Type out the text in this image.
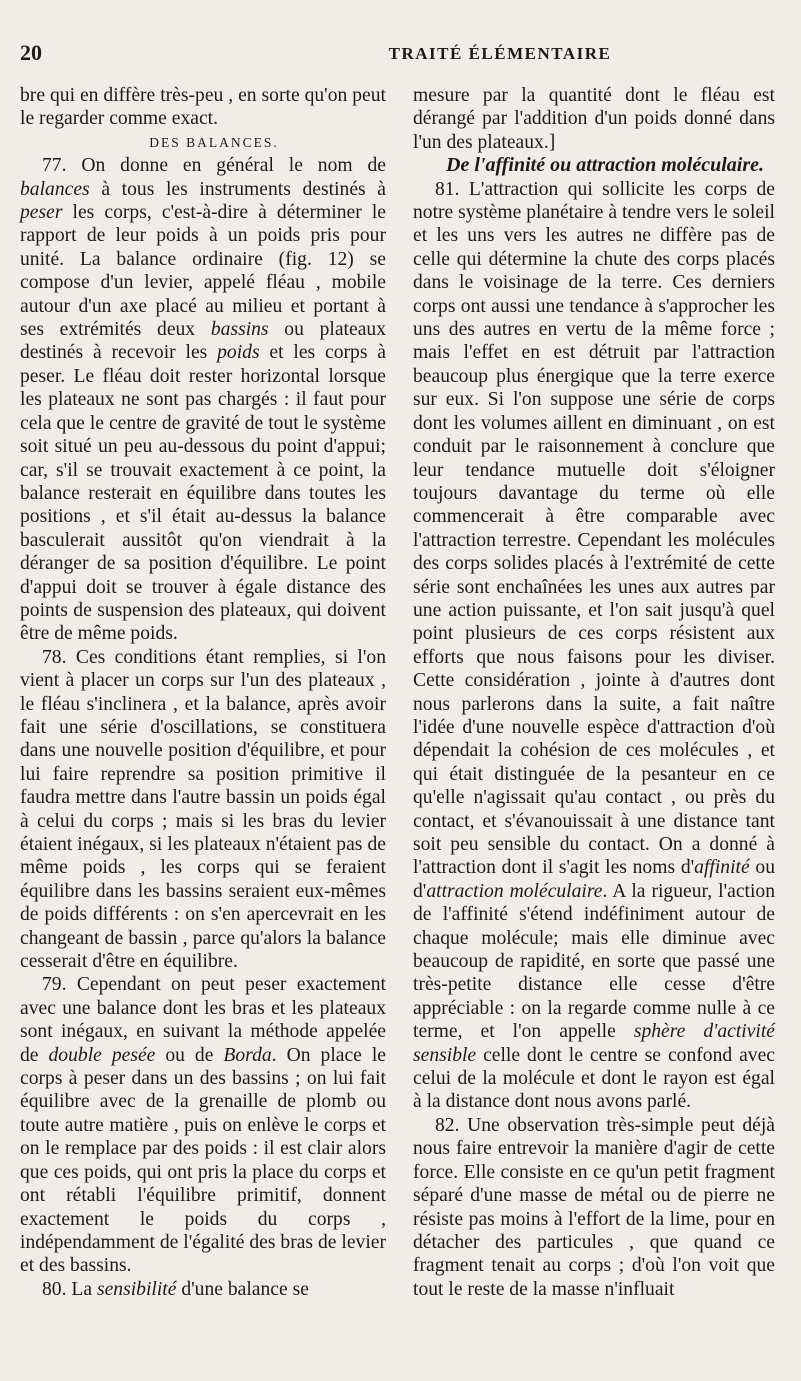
20	TRAITÉ ÉLÉMENTAIRE

bre qui en diffère très-peu , en sorte qu'on peut le regarder comme exact.

DES BALANCES.

77. On donne en général le nom de balances à tous les instruments destinés à peser les corps, c'est-à-dire à déterminer le rapport de leur poids à un poids pris pour unité. La balance ordinaire (fig. 12) se compose d'un levier, appelé fléau , mobile autour d'un axe placé au milieu et portant à ses extrémités deux bassins ou plateaux destinés à recevoir les poids et les corps à peser. Le fléau doit rester horizontal lorsque les plateaux ne sont pas chargés : il faut pour cela que le centre de gravité de tout le système soit situé un peu au-dessous du point d'appui; car, s'il se trouvait exactement à ce point, la balance resterait en équilibre dans toutes les positions , et s'il était au-dessus la balance basculerait aussitôt qu'on viendrait à la déranger de sa position d'équilibre. Le point d'appui doit se trouver à égale distance des points de suspension des plateaux, qui doivent être de même poids.

78. Ces conditions étant remplies, si l'on vient à placer un corps sur l'un des plateaux , le fléau s'inclinera , et la balance, après avoir fait une série d'oscillations, se constituera dans une nouvelle position d'équilibre, et pour lui faire reprendre sa position primitive il faudra mettre dans l'autre bassin un poids égal à celui du corps ; mais si les bras du levier étaient inégaux, si les plateaux n'étaient pas de même poids , les corps qui se feraient équilibre dans les bassins seraient eux-mêmes de poids différents : on s'en apercevrait en les changeant de bassin , parce qu'alors la balance cesserait d'être en équilibre.

79. Cependant on peut peser exactement avec une balance dont les bras et les plateaux sont inégaux, en suivant la méthode appelée de double pesée ou de Borda. On place le corps à peser dans un des bassins ; on lui fait équilibre avec de la grenaille de plomb ou toute autre matière , puis on enlève le corps et on le remplace par des poids : il est clair alors que ces poids, qui ont pris la place du corps et ont rétabli l'équilibre primitif, donnent exactement le poids du corps , indépendamment de l'égalité des bras de levier et des bassins.

80. La sensibilité d'une balance se

mesure par la quantité dont le fléau est dérangé par l'addition d'un poids donné dans l'un des plateaux.]

De l'affinité ou attraction moléculaire.

81. L'attraction qui sollicite les corps de notre système planétaire à tendre vers le soleil et les uns vers les autres ne diffère pas de celle qui détermine la chute des corps placés dans le voisinage de la terre. Ces derniers corps ont aussi une tendance à s'approcher les uns des autres en vertu de la même force ; mais l'effet en est détruit par l'attraction beaucoup plus énergique que la terre exerce sur eux. Si l'on suppose une série de corps dont les volumes aillent en diminuant , on est conduit par le raisonnement à conclure que leur tendance mutuelle doit s'éloigner toujours davantage du terme où elle commencerait à être comparable avec l'attraction terrestre. Cependant les molécules des corps solides placés à l'extrémité de cette série sont enchaînées les unes aux autres par une action puissante, et l'on sait jusqu'à quel point plusieurs de ces corps résistent aux efforts que nous faisons pour les diviser. Cette considération , jointe à d'autres dont nous parlerons dans la suite, a fait naître l'idée d'une nouvelle espèce d'attraction d'où dépendait la cohésion de ces molécules , et qui était distinguée de la pesanteur en ce qu'elle n'agissait qu'au contact , ou près du contact, et s'évanouissait à une distance tant soit peu sensible du contact. On a donné à l'attraction dont il s'agit les noms d'affinité ou d'attraction moléculaire. A la rigueur, l'action de l'affinité s'étend indéfiniment autour de chaque molécule; mais elle diminue avec beaucoup de rapidité, en sorte que passé une très-petite distance elle cesse d'être appréciable : on la regarde comme nulle à ce terme, et l'on appelle sphère d'activité sensible celle dont le centre se confond avec celui de la molécule et dont le rayon est égal à la distance dont nous avons parlé.

82. Une observation très-simple peut déjà nous faire entrevoir la manière d'agir de cette force. Elle consiste en ce qu'un petit fragment séparé d'une masse de métal ou de pierre ne résiste pas moins à l'effort de la lime, pour en détacher des particules , que quand ce fragment tenait au corps ; d'où l'on voit que tout le reste de la masse n'influait
